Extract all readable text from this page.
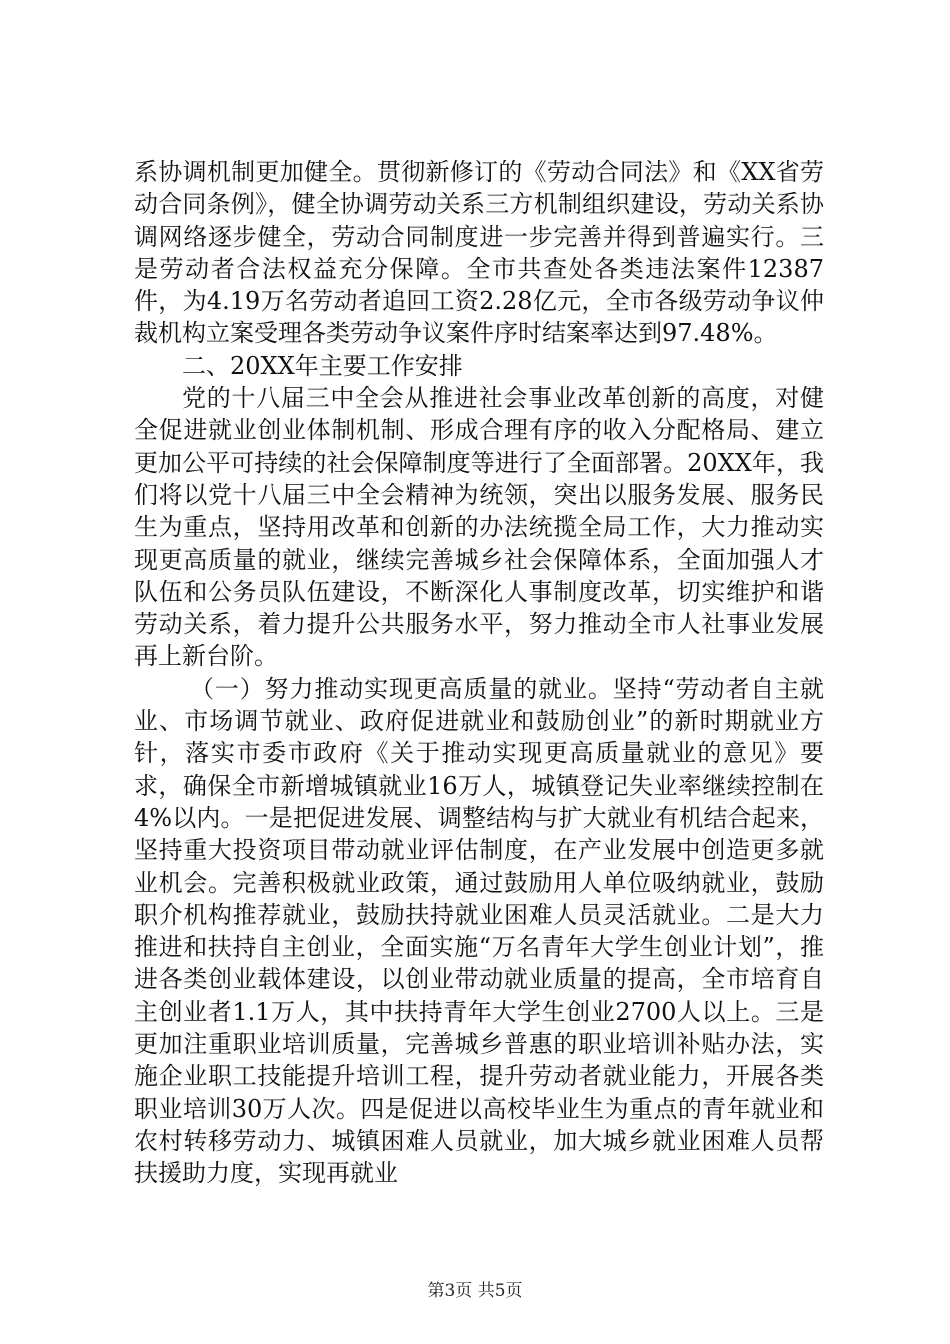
系协调机制更加健全。贯彻新修订的《劳动合同法》和《XX省劳动合同条例》，健全协调劳动关系三方机制组织建设，劳动关系协调网络逐步健全，劳动合同制度进一步完善并得到普遍实行。三是劳动者合法权益充分保障。全市共查处各类违法案件12387件，为4.19万名劳动者追回工资2.28亿元，全市各级劳动争议仲裁机构立案受理各类劳动争议案件序时结案率达到97.48%。

二、20XX年主要工作安排

党的十八届三中全会从推进社会事业改革创新的高度，对健全促进就业创业体制机制、形成合理有序的收入分配格局、建立更加公平可持续的社会保障制度等进行了全面部署。20XX年，我们将以党十八届三中全会精神为统领，突出以服务发展、服务民生为重点，坚持用改革和创新的办法统揽全局工作，大力推动实现更高质量的就业，继续完善城乡社会保障体系，全面加强人才队伍和公务员队伍建设，不断深化人事制度改革，切实维护和谐劳动关系，着力提升公共服务水平，努力推动全市人社事业发展再上新台阶。

（一）努力推动实现更高质量的就业。坚持“劳动者自主就业、市场调节就业、政府促进就业和鼓励创业”的新时期就业方针，落实市委市政府《关于推动实现更高质量就业的意见》要求，确保全市新增城镇就业16万人，城镇登记失业率继续控制在4%以内。一是把促进发展、调整结构与扩大就业有机结合起来，坚持重大投资项目带动就业评估制度，在产业发展中创造更多就业机会。完善积极就业政策，通过鼓励用人单位吸纳就业，鼓励职介机构推荐就业，鼓励扶持就业困难人员灵活就业。二是大力推进和扶持自主创业，全面实施“万名青年大学生创业计划”，推进各类创业载体建设，以创业带动就业质量的提高，全市培育自主创业者1.1万人，其中扶持青年大学生创业2700人以上。三是更加注重职业培训质量，完善城乡普惠的职业培训补贴办法，实施企业职工技能提升培训工程，提升劳动者就业能力，开展各类职业培训30万人次。四是促进以高校毕业生为重点的青年就业和农村转移劳动力、城镇困难人员就业，加大城乡就业困难人员帮扶援助力度，实现再就业

第3页 共5页
